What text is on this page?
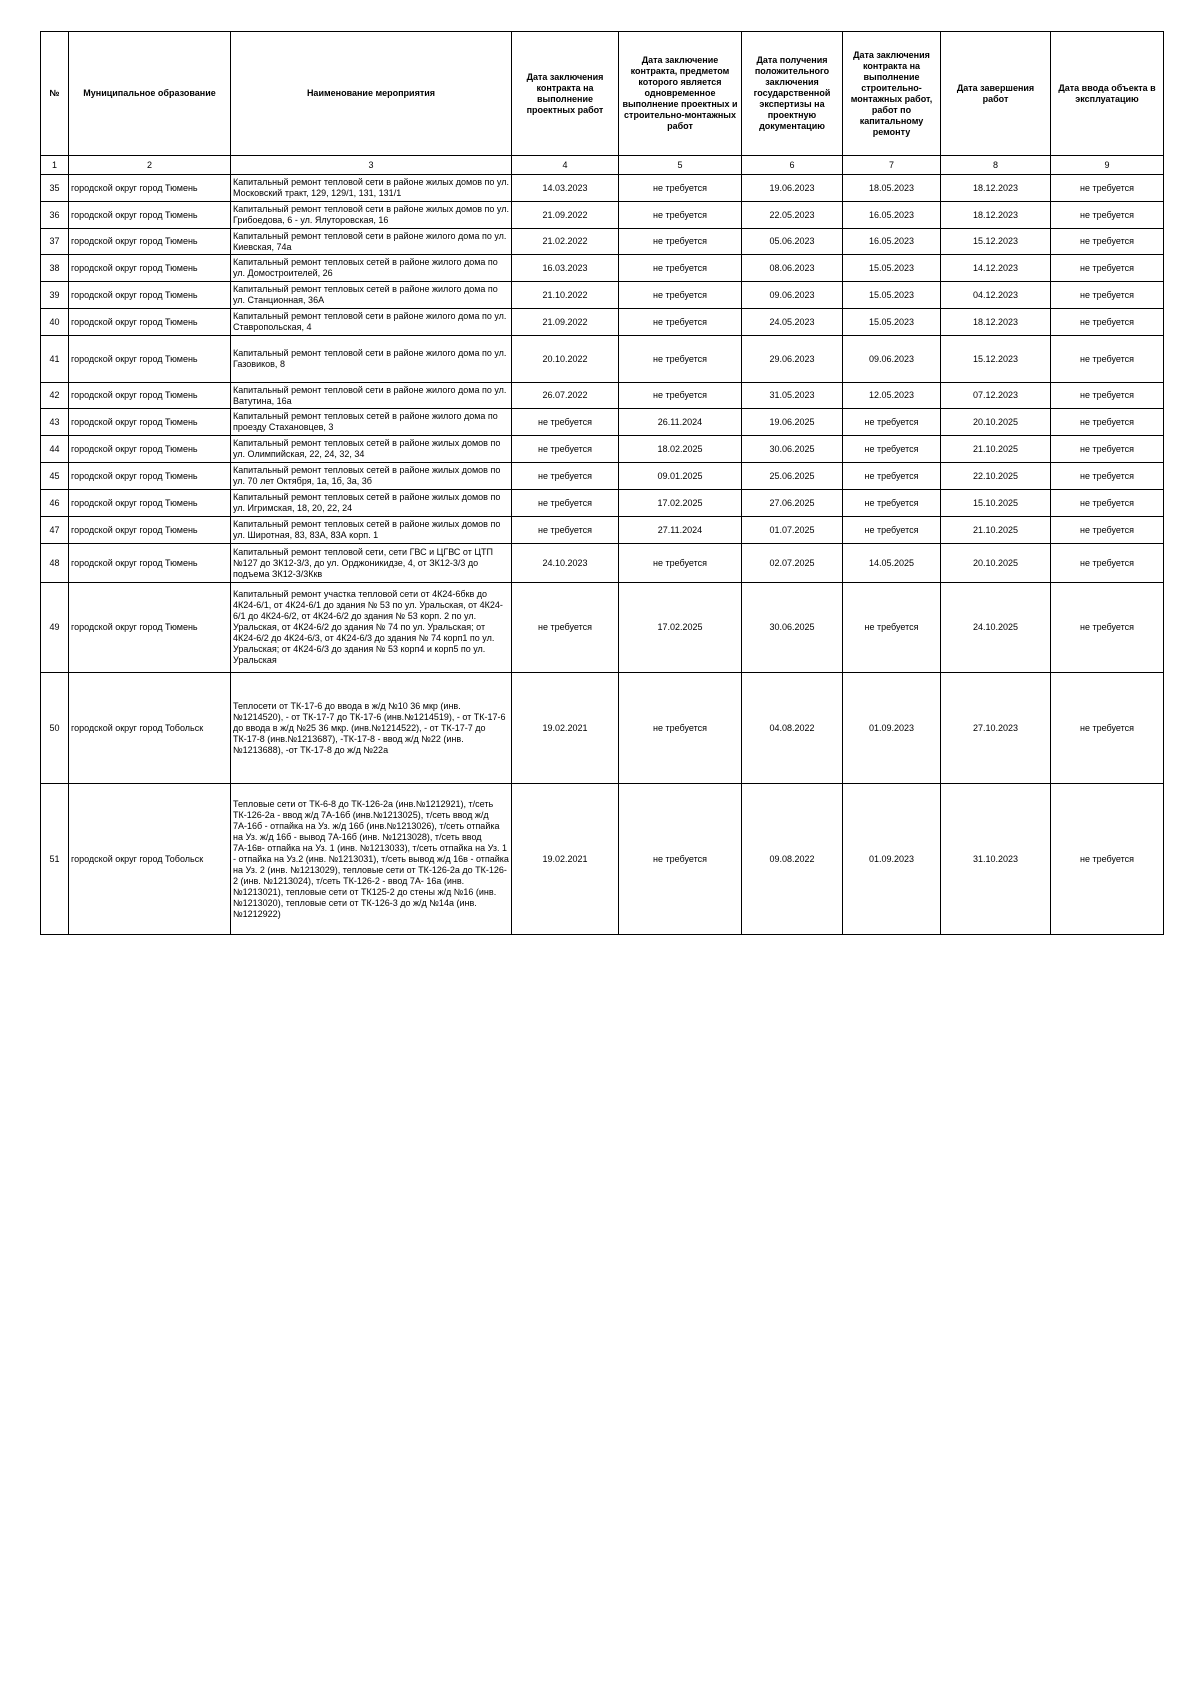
№	Муниципальное образование	Наименование мероприятия	Дата заключения контракта на выполнение проектных работ	Дата заключение контракта, предметом которого является одновременное выполнение проектных и строительно-монтажных работ	Дата получения положительного заключения государственной экспертизы на проектную документацию	Дата заключения контракта на выполнение строительно-монтажных работ, работ по капитальному ремонту	Дата завершения работ	Дата ввода объекта в эксплуатацию
1	2	3	4	5	6	7	8	9
35	городской округ город Тюмень	Капитальный ремонт тепловой сети в районе жилых домов по ул. Московский тракт, 129, 129/1, 131, 131/1	14.03.2023	не требуется	19.06.2023	18.05.2023	18.12.2023	не требуется
36	городской округ город Тюмень	Капитальный ремонт тепловой сети в районе жилых домов по ул. Грибоедова, 6 - ул. Ялуторовская, 16	21.09.2022	не требуется	22.05.2023	16.05.2023	18.12.2023	не требуется
37	городской округ город Тюмень	Капитальный ремонт тепловой сети в районе жилого дома по ул. Киевская, 74а	21.02.2022	не требуется	05.06.2023	16.05.2023	15.12.2023	не требуется
38	городской округ город Тюмень	Капитальный ремонт тепловых сетей в районе жилого дома по ул. Домостроителей, 26	16.03.2023	не требуется	08.06.2023	15.05.2023	14.12.2023	не требуется
39	городской округ город Тюмень	Капитальный ремонт тепловых сетей в районе жилого дома по ул. Станционная, 36А	21.10.2022	не требуется	09.06.2023	15.05.2023	04.12.2023	не требуется
40	городской округ город Тюмень	Капитальный ремонт тепловой сети в районе жилого дома по ул. Ставропольская, 4	21.09.2022	не требуется	24.05.2023	15.05.2023	18.12.2023	не требуется
41	городской округ город Тюмень	Капитальный ремонт тепловой сети в районе жилого дома по ул. Газовиков, 8	20.10.2022	не требуется	29.06.2023	09.06.2023	15.12.2023	не требуется
42	городской округ город Тюмень	Капитальный ремонт тепловой сети в районе жилого дома по ул. Ватутина, 16а	26.07.2022	не требуется	31.05.2023	12.05.2023	07.12.2023	не требуется
43	городской округ город Тюмень	Капитальный ремонт тепловых сетей в районе жилого дома по проезду Стахановцев, 3	не требуется	26.11.2024	19.06.2025	не требуется	20.10.2025	не требуется
44	городской округ город Тюмень	Капитальный ремонт тепловых сетей в районе жилых домов по ул. Олимпийская, 22, 24, 32, 34	не требуется	18.02.2025	30.06.2025	не требуется	21.10.2025	не требуется
45	городской округ город Тюмень	Капитальный ремонт тепловых сетей в районе жилых домов по ул. 70 лет Октября, 1а, 1б, 3а, 3б	не требуется	09.01.2025	25.06.2025	не требуется	22.10.2025	не требуется
46	городской округ город Тюмень	Капитальный ремонт тепловых сетей в районе жилых домов по ул. Игримская, 18, 20, 22, 24	не требуется	17.02.2025	27.06.2025	не требуется	15.10.2025	не требуется
47	городской округ город Тюмень	Капитальный ремонт тепловых сетей в районе жилых домов по ул. Широтная, 83, 83А, 83А корп. 1	не требуется	27.11.2024	01.07.2025	не требуется	21.10.2025	не требуется
48	городской округ город Тюмень	Капитальный ремонт тепловой сети, сети ГВС и ЦГВС от ЦТП №127 до ЗК12-3/3, до ул. Орджоникидзе, 4, от ЗК12-3/3 до подъема ЗК12-3/3Ккв	24.10.2023	не требуется	02.07.2025	14.05.2025	20.10.2025	не требуется
49	городской округ город Тюмень	Капитальный ремонт участка тепловой сети от 4К24-6бкв до 4К24-6/1, от 4К24-6/1 до здания № 53 по ул. Уральская, от 4К24-6/1 до 4К24-6/2, от 4К24-6/2 до здания № 53 корп. 2 по ул. Уральская, от 4К24-6/2 до здания № 74 по ул. Уральская; от 4К24-6/2 до 4К24-6/3, от 4К24-6/3 до здания № 74 корп1 по ул. Уральская; от 4К24-6/3 до здания № 53 корп4 и корп5 по ул. Уральская	не требуется	17.02.2025	30.06.2025	не требуется	24.10.2025	не требуется
50	городской округ город Тобольск	Теплосети от ТК-17-6 до ввода в ж/д №10 36 мкр (инв. №1214520), - от ТК-17-7 до ТК-17-6 (инв.№1214519), - от ТК-17-6 до ввода в ж/д №25 36 мкр. (инв.№1214522), - от ТК-17-7 до ТК-17-8 (инв.№1213687), -ТК-17-8 - ввод ж/д №22 (инв. №1213688), -от ТК-17-8 до ж/д №22а	19.02.2021	не требуется	04.08.2022	01.09.2023	27.10.2023	не требуется
51	городской округ город Тобольск	Тепловые сети от ТК-6-8 до ТК-126-2а (инв.№1212921), т/сеть ТК-126-2а - ввод ж/д 7А-16б (инв.№1213025), т/сеть ввод ж/д 7А-16б - отпайка на Уз. ж/д 16б (инв.№1213026), т/сеть отпайка на Уз. ж/д 16б - вывод 7А-16б (инв. №1213028), т/сеть ввод 7А-16в- отпайка на Уз. 1 (инв. №1213033), т/сеть отпайка на Уз. 1 - отпайка на Уз.2 (инв. №1213031), т/сеть вывод ж/д 16в - отпайка на Уз. 2 (инв. №1213029), тепловые сети от ТК-126-2а до ТК-126-2 (инв. №1213024), т/сеть ТК-126-2 - ввод 7А- 16а (инв.№1213021), тепловые сети от ТК125-2 до стены ж/д №16 (инв. №1213020), тепловые сети от ТК-126-3 до ж/д №14а (инв. №1212922)	19.02.2021	не требуется	09.08.2022	01.09.2023	31.10.2023	не требуется
